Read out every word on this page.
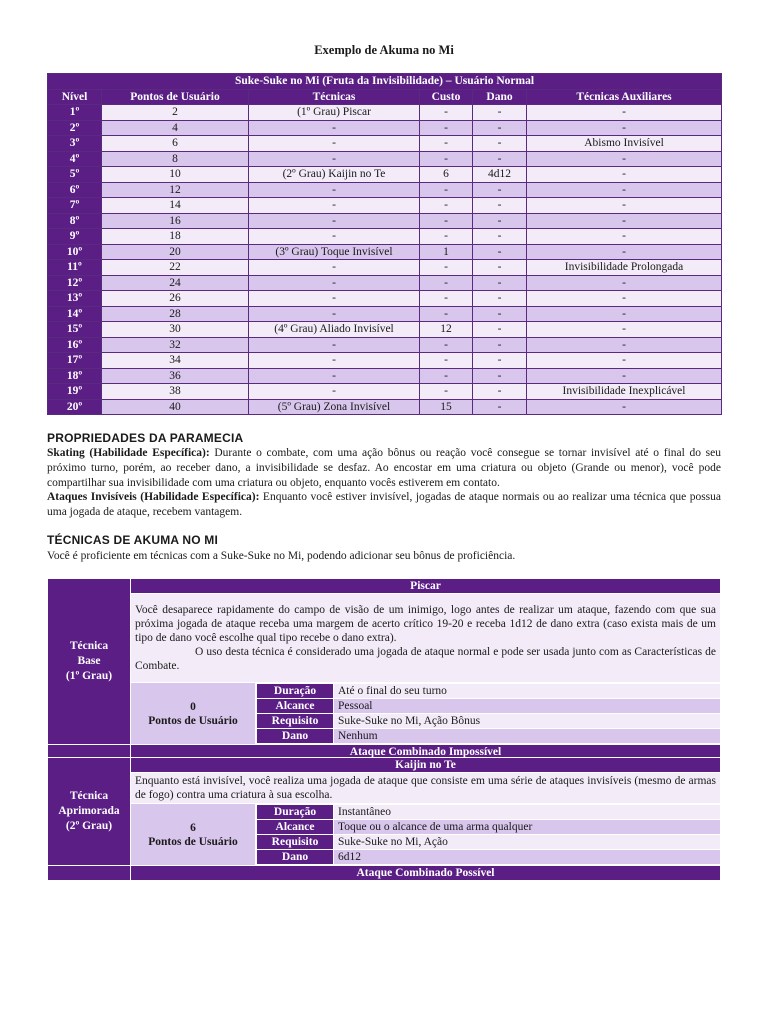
Exemplo de Akuma no Mi
Suke-Suke no Mi (Fruta da Invisibilidade) – Usuário Normal					
Nível	Pontos de Usuário	Técnicas	Custo	Dano	Técnicas Auxiliares
1º	2	(1º Grau) Piscar	-	-	-
2º	4	-	-	-	-
3º	6	-	-	-	Abismo Invisível
4º	8	-	-	-	-
5º	10	(2º Grau) Kaijin no Te	6	4d12	-
6º	12	-	-	-	-
7º	14	-	-	-	-
8º	16	-	-	-	-
9º	18	-	-	-	-
10º	20	(3º Grau) Toque Invisível	1	-	-
11º	22	-	-	-	Invisibilidade Prolongada
12º	24	-	-	-	-
13º	26	-	-	-	-
14º	28	-	-	-	-
15º	30	(4º Grau) Aliado Invisível	12	-	-
16º	32	-	-	-	-
17º	34	-	-	-	-
18º	36	-	-	-	-
19º	38	-	-	-	Invisibilidade Inexplicável
20º	40	(5º Grau) Zona Invisível	15	-	-
PROPRIEDADES DA PARAMECIA

Skating (Habilidade Específica): Durante o combate, com uma ação bônus ou reação você consegue se tornar invisível até o final do seu próximo turno, porém, ao receber dano, a invisibilidade se desfaz. Ao encostar em uma criatura ou objeto (Grande ou menor), você pode compartilhar sua invisibilidade com uma criatura ou objeto, enquanto vocês estiverem em contato.

Ataques Invisíveis (Habilidade Específica): Enquanto você estiver invisível, jogadas de ataque normais ou ao realizar uma técnica que possua uma jogada de ataque, recebem vantagem.

TÉCNICAS DE AKUMA NO MI

Você é proficiente em técnicas com a Suke-Suke no Mi, podendo adicionar seu bônus de proficiência.

Técnica
Base
(1º Grau)
	Piscar
Você desaparece rapidamente do campo de visão de um inimigo, logo antes de realizar um ataque, fazendo com que sua próxima jogada de ataque receba uma margem de acerto crítico 19-20 e receba 1d12 de dano extra (caso exista mais de um tipo de dano você escolhe qual tipo recebe o dano extra).
O uso desta técnica é considerado uma jogada de ataque normal e pode ser usada junto com as Características de Combate.

0
Pontos de Usuário

Duração	Até o final do seu turno
Alcance	Pessoal
Requisito	Suke-Suke no Mi, Ação Bônus
Dano	Nenhum

	Ataque Combinado Impossível
Técnica
Aprimorada
(2º Grau)
	Kaijin no Te
Enquanto está invisível, você realiza uma jogada de ataque que consiste em uma série de ataques invisíveis (mesmo de armas de fogo) contra uma criatura à sua escolha.

6
Pontos de Usuário

Duração	Instantâneo
Alcance	Toque ou o alcance de uma arma qualquer
Requisito	Suke-Suke no Mi, Ação
Dano	6d12

	Ataque Combinado Possível
